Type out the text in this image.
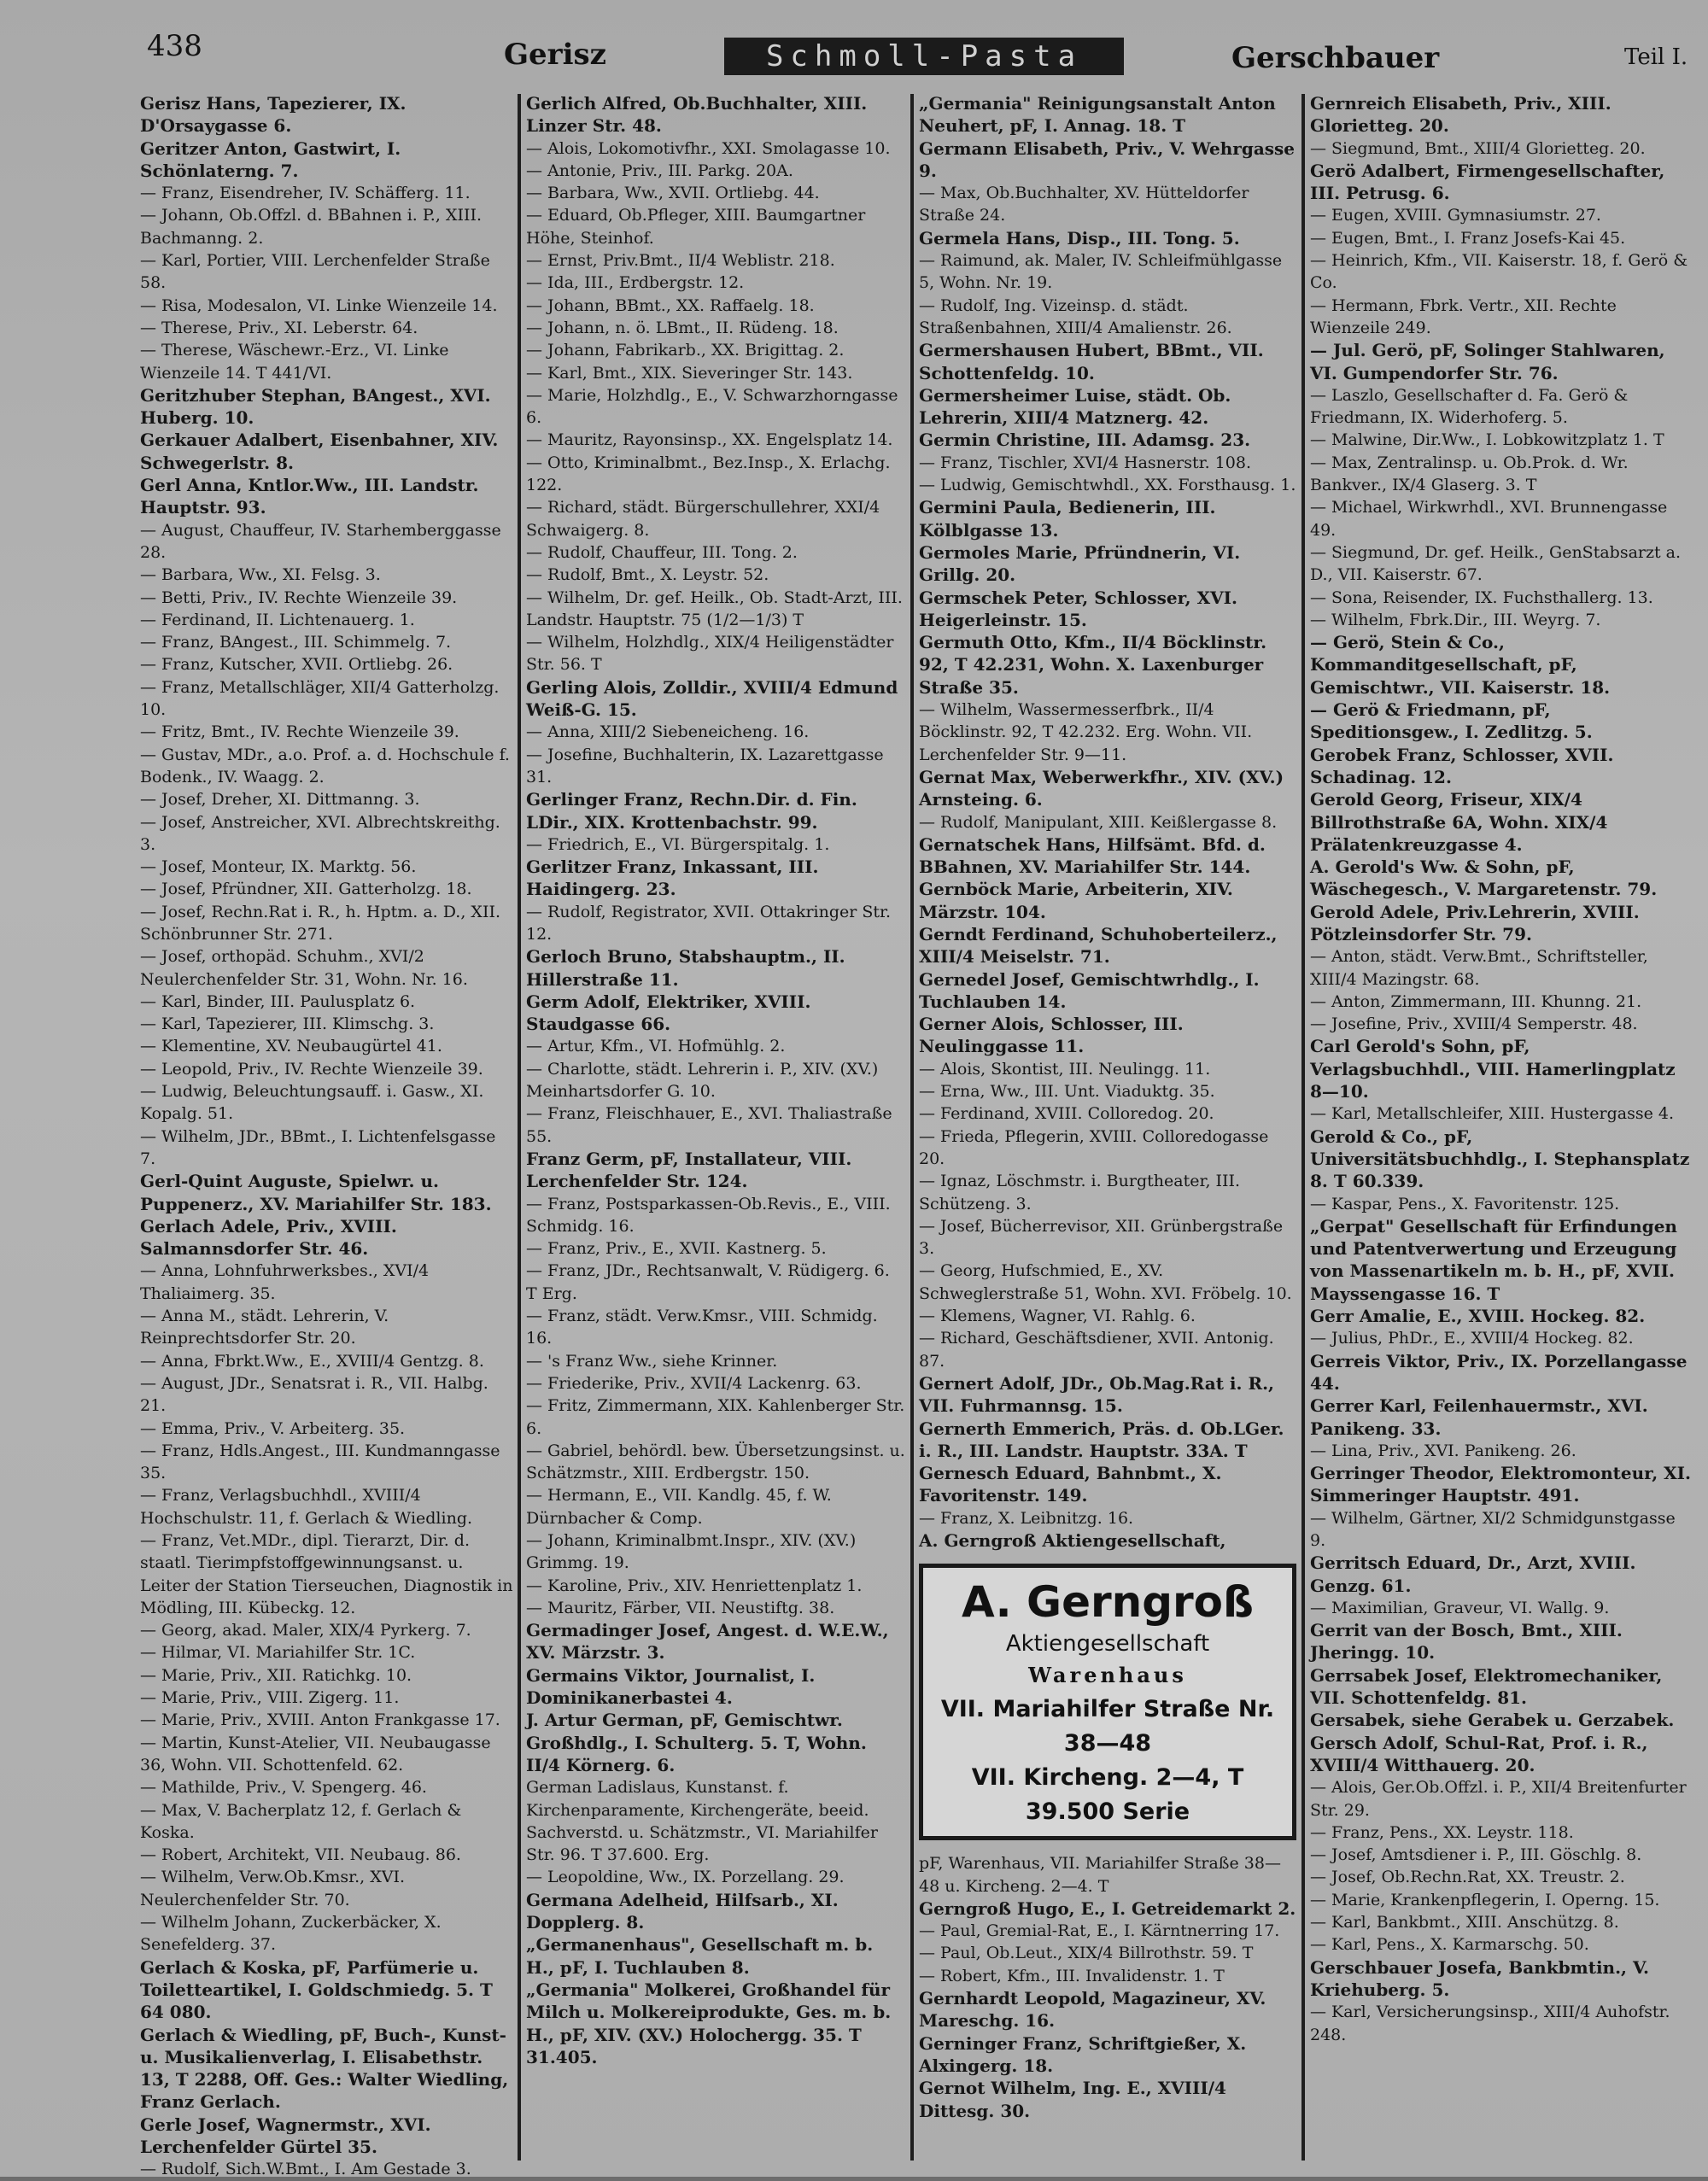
438	Gerisz	Schmoll-Pasta	Gerschbauer	Teil I.

Gerisz Hans, Tapezierer, IX. D'Orsaygasse 6.

Geritzer Anton, Gastwirt, I. Schönlaterng. 7.

— Franz, Eisendreher, IV. Schäfferg. 11.

— Johann, Ob.Offzl. d. BBahnen i. P., XIII. Bachmanng. 2.

— Karl, Portier, VIII. Lerchenfelder Straße 58.

— Risa, Modesalon, VI. Linke Wienzeile 14.

— Therese, Priv., XI. Leberstr. 64.

— Therese, Wäschewr.-Erz., VI. Linke Wienzeile 14. T 441/VI.

Geritzhuber Stephan, BAngest., XVI. Huberg. 10.

Gerkauer Adalbert, Eisenbahner, XIV. Schwegerlstr. 8.

Gerl Anna, Kntlor.Ww., III. Landstr. Hauptstr. 93.

— August, Chauffeur, IV. Starhemberggasse 28.

— Barbara, Ww., XI. Felsg. 3.

— Betti, Priv., IV. Rechte Wienzeile 39.

— Ferdinand, II. Lichtenauerg. 1.

— Franz, BAngest., III. Schimmelg. 7.

— Franz, Kutscher, XVII. Ortliebg. 26.

— Franz, Metallschläger, XII/4 Gatterholzg. 10.

— Fritz, Bmt., IV. Rechte Wienzeile 39.

— Gustav, MDr., a.o. Prof. a. d. Hochschule f. Bodenk., IV. Waagg. 2.

— Josef, Dreher, XI. Dittmanng. 3.

— Josef, Anstreicher, XVI. Albrechtskreithg. 3.

— Josef, Monteur, IX. Marktg. 56.

— Josef, Pfründner, XII. Gatterholzg. 18.

— Josef, Rechn.Rat i. R., h. Hptm. a. D., XII. Schönbrunner Str. 271.

— Josef, orthopäd. Schuhm., XVI/2 Neulerchenfelder Str. 31, Wohn. Nr. 16.

— Karl, Binder, III. Paulusplatz 6.

— Karl, Tapezierer, III. Klimschg. 3.

— Klementine, XV. Neubaugürtel 41.

— Leopold, Priv., IV. Rechte Wienzeile 39.

— Ludwig, Beleuchtungsauff. i. Gasw., XI. Kopalg. 51.

— Wilhelm, JDr., BBmt., I. Lichtenfelsgasse 7.

Gerl-Quint Auguste, Spielwr. u. Puppenerz., XV. Mariahilfer Str. 183.

Gerlach Adele, Priv., XVIII. Salmannsdorfer Str. 46.

— Anna, Lohnfuhrwerksbes., XVI/4 Thaliaimerg. 35.

— Anna M., städt. Lehrerin, V. Reinprechtsdorfer Str. 20.

— Anna, Fbrkt.Ww., E., XVIII/4 Gentzg. 8.

— August, JDr., Senatsrat i. R., VII. Halbg. 21.

— Emma, Priv., V. Arbeiterg. 35.

— Franz, Hdls.Angest., III. Kundmanngasse 35.

— Franz, Verlagsbuchhdl., XVIII/4 Hochschulstr. 11, f. Gerlach & Wiedling.

— Franz, Vet.MDr., dipl. Tierarzt, Dir. d. staatl. Tierimpfstoffgewinnungsanst. u. Leiter der Station Tierseuchen, Diagnostik in Mödling, III. Kübeckg. 12.

— Georg, akad. Maler, XIX/4 Pyrkerg. 7.

— Hilmar, VI. Mariahilfer Str. 1C.

— Marie, Priv., XII. Ratichkg. 10.

— Marie, Priv., VIII. Zigerg. 11.

— Marie, Priv., XVIII. Anton Frankgasse 17.

— Martin, Kunst-Atelier, VII. Neubaugasse 36, Wohn. VII. Schottenfeld. 62.

— Mathilde, Priv., V. Spengerg. 46.

— Max, V. Bacherplatz 12, f. Gerlach & Koska.

— Robert, Architekt, VII. Neubaug. 86.

— Wilhelm, Verw.Ob.Kmsr., XVI. Neulerchenfelder Str. 70.

— Wilhelm Johann, Zuckerbäcker, X. Senefelderg. 37.

Gerlach & Koska, pF, Parfümerie u. Toiletteartikel, I. Goldschmiedg. 5. T 64 080.

Gerlach & Wiedling, pF, Buch-, Kunst- u. Musikalienverlag, I. Elisabethstr. 13, T 2288, Off. Ges.: Walter Wiedling, Franz Gerlach.

Gerle Josef, Wagnermstr., XVI. Lerchenfelder Gürtel 35.

— Rudolf, Sich.W.Bmt., I. Am Gestade 3.

Gerlich Alfred, Ob.Buchhalter, XIII. Linzer Str. 48.

— Alois, Lokomotivfhr., XXI. Smolagasse 10.

— Antonie, Priv., III. Parkg. 20A.

— Barbara, Ww., XVII. Ortliebg. 44.

— Eduard, Ob.Pfleger, XIII. Baumgartner Höhe, Steinhof.

— Ernst, Priv.Bmt., II/4 Weblistr. 218.

— Ida, III., Erdbergstr. 12.

— Johann, BBmt., XX. Raffaelg. 18.

— Johann, n. ö. LBmt., II. Rüdeng. 18.

— Johann, Fabrikarb., XX. Brigittag. 2.

— Karl, Bmt., XIX. Sieveringer Str. 143.

— Marie, Holzhdlg., E., V. Schwarzhorngasse 6.

— Mauritz, Rayonsinsp., XX. Engelsplatz 14.

— Otto, Kriminalbmt., Bez.Insp., X. Erlachg. 122.

— Richard, städt. Bürgerschullehrer, XXI/4 Schwaigerg. 8.

— Rudolf, Chauffeur, III. Tong. 2.

— Rudolf, Bmt., X. Leystr. 52.

— Wilhelm, Dr. gef. Heilk., Ob. Stadt-Arzt, III. Landstr. Hauptstr. 75 (1/2—1/3) T

— Wilhelm, Holzhdlg., XIX/4 Heiligenstädter Str. 56. T

Gerling Alois, Zolldir., XVIII/4 Edmund Weiß-G. 15.

— Anna, XIII/2 Siebeneicheng. 16.

— Josefine, Buchhalterin, IX. Lazarettgasse 31.

Gerlinger Franz, Rechn.Dir. d. Fin. LDir., XIX. Krottenbachstr. 99.

— Friedrich, E., VI. Bürgerspitalg. 1.

Gerlitzer Franz, Inkassant, III. Haidingerg. 23.

— Rudolf, Registrator, XVII. Ottakringer Str. 12.

Gerloch Bruno, Stabshauptm., II. Hillerstraße 11.

Germ Adolf, Elektriker, XVIII. Staudgasse 66.

— Artur, Kfm., VI. Hofmühlg. 2.

— Charlotte, städt. Lehrerin i. P., XIV. (XV.) Meinhartsdorfer G. 10.

— Franz, Fleischhauer, E., XVI. Thaliastraße 55.

Franz Germ, pF, Installateur, VIII. Lerchenfelder Str. 124.

— Franz, Postsparkassen-Ob.Revis., E., VIII. Schmidg. 16.

— Franz, Priv., E., XVII. Kastnerg. 5.

— Franz, JDr., Rechtsanwalt, V. Rüdigerg. 6. T Erg.

— Franz, städt. Verw.Kmsr., VIII. Schmidg. 16.

— 's Franz Ww., siehe Krinner.

— Friederike, Priv., XVII/4 Lackenrg. 63.

— Fritz, Zimmermann, XIX. Kahlenberger Str. 6.

— Gabriel, behördl. bew. Übersetzungsinst. u. Schätzmstr., XIII. Erdbergstr. 150.

— Hermann, E., VII. Kandlg. 45, f. W. Dürnbacher & Comp.

— Johann, Kriminalbmt.Inspr., XIV. (XV.) Grimmg. 19.

— Karoline, Priv., XIV. Henriettenplatz 1.

— Mauritz, Färber, VII. Neustiftg. 38.

Germadinger Josef, Angest. d. W.E.W., XV. Märzstr. 3.

Germains Viktor, Journalist, I. Dominikanerbastei 4.

J. Artur German, pF, Gemischtwr. Großhdlg., I. Schulterg. 5. T, Wohn. II/4 Körnerg. 6.

German Ladislaus, Kunstanst. f. Kirchenparamente, Kirchengeräte, beeid. Sachverstd. u. Schätzmstr., VI. Mariahilfer Str. 96. T 37.600. Erg.

— Leopoldine, Ww., IX. Porzellang. 29.

Germana Adelheid, Hilfsarb., XI. Dopplerg. 8.

„Germanenhaus", Gesellschaft m. b. H., pF, I. Tuchlauben 8.

„Germania" Molkerei, Großhandel für Milch u. Molkereiprodukte, Ges. m. b. H., pF, XIV. (XV.) Holochergg. 35. T 31.405.

„Germania" Reinigungsanstalt Anton Neuhert, pF, I. Annag. 18. T

Germann Elisabeth, Priv., V. Wehrgasse 9.

— Max, Ob.Buchhalter, XV. Hütteldorfer Straße 24.

Germela Hans, Disp., III. Tong. 5.

— Raimund, ak. Maler, IV. Schleifmühlgasse 5, Wohn. Nr. 19.

— Rudolf, Ing. Vizeinsp. d. städt. Straßenbahnen, XIII/4 Amalienstr. 26.

Germershausen Hubert, BBmt., VII. Schottenfeldg. 10.

Germersheimer Luise, städt. Ob. Lehrerin, XIII/4 Matznerg. 42.

Germin Christine, III. Adamsg. 23.

— Franz, Tischler, XVI/4 Hasnerstr. 108.

— Ludwig, Gemischtwhdl., XX. Forsthausg. 1.

Germini Paula, Bedienerin, III. Kölblgasse 13.

Germoles Marie, Pfründnerin, VI. Grillg. 20.

Germschek Peter, Schlosser, XVI. Heigerleinstr. 15.

Germuth Otto, Kfm., II/4 Böcklinstr. 92, T 42.231, Wohn. X. Laxenburger Straße 35.

— Wilhelm, Wassermesserfbrk., II/4 Böcklinstr. 92, T 42.232. Erg. Wohn. VII. Lerchenfelder Str. 9—11.

Gernat Max, Weberwerkfhr., XIV. (XV.) Arnsteing. 6.

— Rudolf, Manipulant, XIII. Keißlergasse 8.

Gernatschek Hans, Hilfsämt. Bfd. d. BBahnen, XV. Mariahilfer Str. 144.

Gernböck Marie, Arbeiterin, XIV. Märzstr. 104.

Gerndt Ferdinand, Schuhoberteilerz., XIII/4 Meiselstr. 71.

Gernedel Josef, Gemischtwrhdlg., I. Tuchlauben 14.

Gerner Alois, Schlosser, III. Neulinggasse 11.

— Alois, Skontist, III. Neulingg. 11.

— Erna, Ww., III. Unt. Viaduktg. 35.

— Ferdinand, XVIII. Colloredog. 20.

— Frieda, Pflegerin, XVIII. Colloredogasse 20.

— Ignaz, Löschmstr. i. Burgtheater, III. Schützeng. 3.

— Josef, Bücherrevisor, XII. Grünbergstraße 3.

— Georg, Hufschmied, E., XV. Schweglerstraße 51, Wohn. XVI. Fröbelg. 10.

— Klemens, Wagner, VI. Rahlg. 6.

— Richard, Geschäftsdiener, XVII. Antonig. 87.

Gernert Adolf, JDr., Ob.Mag.Rat i. R., VII. Fuhrmannsg. 15.

Gernerth Emmerich, Präs. d. Ob.LGer. i. R., III. Landstr. Hauptstr. 33A. T

Gernesch Eduard, Bahnbmt., X. Favoritenstr. 149.

— Franz, X. Leibnitzg. 16.

A. Gerngroß Aktiengesellschaft,

A. Gerngroß
Aktiengesellschaft
Warenhaus
VII. Mariahilfer Straße Nr. 38—48
VII. Kircheng. 2—4, T 39.500 Serie

pF, Warenhaus, VII. Mariahilfer Straße 38—48 u. Kircheng. 2—4. T

Gerngroß Hugo, E., I. Getreidemarkt 2.

— Paul, Gremial-Rat, E., I. Kärntnerring 17.

— Paul, Ob.Leut., XIX/4 Billrothstr. 59. T

— Robert, Kfm., III. Invalidenstr. 1. T

Gernhardt Leopold, Magazineur, XV. Mareschg. 16.

Gerninger Franz, Schriftgießer, X. Alxingerg. 18.

Gernot Wilhelm, Ing. E., XVIII/4 Dittesg. 30.

Gernreich Elisabeth, Priv., XIII. Glorietteg. 20.

— Siegmund, Bmt., XIII/4 Glorietteg. 20.

Gerö Adalbert, Firmengesellschafter, III. Petrusg. 6.

— Eugen, XVIII. Gymnasiumstr. 27.

— Eugen, Bmt., I. Franz Josefs-Kai 45.

— Heinrich, Kfm., VII. Kaiserstr. 18, f. Gerö & Co.

— Hermann, Fbrk. Vertr., XII. Rechte Wienzeile 249.

— Jul. Gerö, pF, Solinger Stahlwaren, VI. Gumpendorfer Str. 76.

— Laszlo, Gesellschafter d. Fa. Gerö & Friedmann, IX. Widerhoferg. 5.

— Malwine, Dir.Ww., I. Lobkowitzplatz 1. T

— Max, Zentralinsp. u. Ob.Prok. d. Wr. Bankver., IX/4 Glaserg. 3. T

— Michael, Wirkwrhdl., XVI. Brunnengasse 49.

— Siegmund, Dr. gef. Heilk., GenStabsarzt a. D., VII. Kaiserstr. 67.

— Sona, Reisender, IX. Fuchsthallerg. 13.

— Wilhelm, Fbrk.Dir., III. Weyrg. 7.

— Gerö, Stein & Co., Kommanditgesellschaft, pF, Gemischtwr., VII. Kaiserstr. 18.

— Gerö & Friedmann, pF, Speditionsgew., I. Zedlitzg. 5.

Gerobek Franz, Schlosser, XVII. Schadinag. 12.

Gerold Georg, Friseur, XIX/4 Billrothstraße 6A, Wohn. XIX/4 Prälatenkreuzgasse 4.

A. Gerold's Ww. & Sohn, pF, Wäschegesch., V. Margaretenstr. 79.

Gerold Adele, Priv.Lehrerin, XVIII. Pötzleinsdorfer Str. 79.

— Anton, städt. Verw.Bmt., Schriftsteller, XIII/4 Mazingstr. 68.

— Anton, Zimmermann, III. Khunng. 21.

— Josefine, Priv., XVIII/4 Semperstr. 48.

Carl Gerold's Sohn, pF, Verlagsbuchhdl., VIII. Hamerlingplatz 8—10.

— Karl, Metallschleifer, XIII. Hustergasse 4.

Gerold & Co., pF, Universitätsbuchhdlg., I. Stephansplatz 8. T 60.339.

— Kaspar, Pens., X. Favoritenstr. 125.

„Gerpat" Gesellschaft für Erfindungen und Patentverwertung und Erzeugung von Massenartikeln m. b. H., pF, XVII. Mayssengasse 16. T

Gerr Amalie, E., XVIII. Hockeg. 82.

— Julius, PhDr., E., XVIII/4 Hockeg. 82.

Gerreis Viktor, Priv., IX. Porzellangasse 44.

Gerrer Karl, Feilenhauermstr., XVI. Panikeng. 33.

— Lina, Priv., XVI. Panikeng. 26.

Gerringer Theodor, Elektromonteur, XI. Simmeringer Hauptstr. 491.

— Wilhelm, Gärtner, XI/2 Schmidgunstgasse 9.

Gerritsch Eduard, Dr., Arzt, XVIII. Genzg. 61.

— Maximilian, Graveur, VI. Wallg. 9.

Gerrit van der Bosch, Bmt., XIII. Jheringg. 10.

Gerrsabek Josef, Elektromechaniker, VII. Schottenfeldg. 81.

Gersabek, siehe Gerabek u. Gerzabek.

Gersch Adolf, Schul-Rat, Prof. i. R., XVIII/4 Witthauerg. 20.

— Alois, Ger.Ob.Offzl. i. P., XII/4 Breitenfurter Str. 29.

— Franz, Pens., XX. Leystr. 118.

— Josef, Amtsdiener i. P., III. Göschlg. 8.

— Josef, Ob.Rechn.Rat, XX. Treustr. 2.

— Marie, Krankenpflegerin, I. Operng. 15.

— Karl, Bankbmt., XIII. Anschützg. 8.

— Karl, Pens., X. Karmarschg. 50.

Gerschbauer Josefa, Bankbmtin., V. Kriehuberg. 5.

— Karl, Versicherungsinsp., XIII/4 Auhofstr. 248.
